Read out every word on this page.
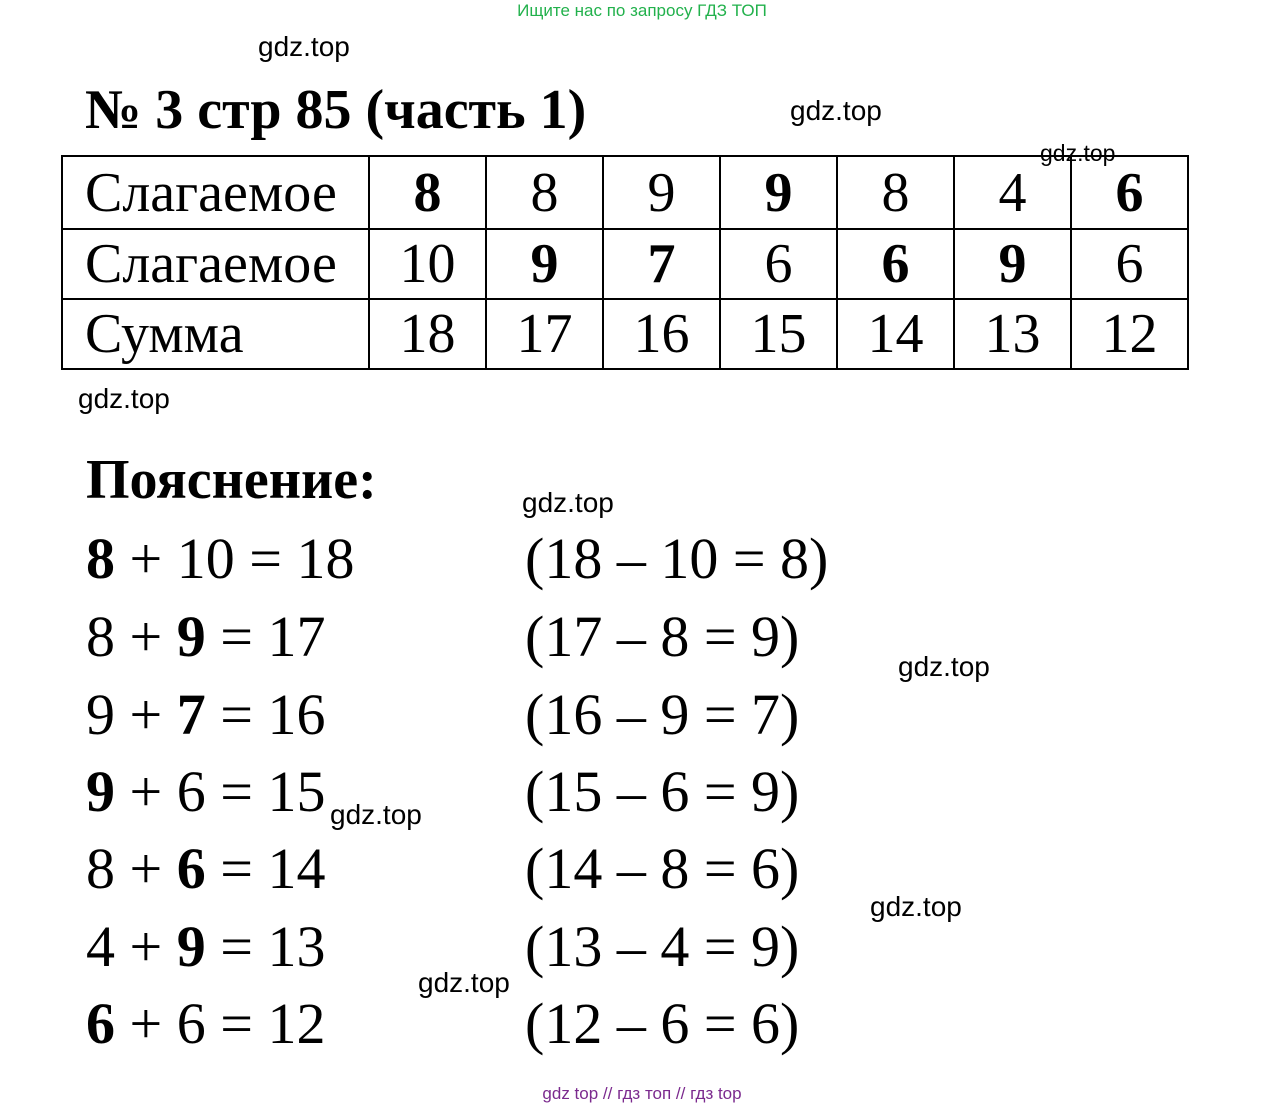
Ищите нас по запросу ГДЗ ТОП
gdz.top
gdz.top
gdz.top
gdz.top
gdz.top
gdz.top
gdz.top
gdz.top
gdz.top
№ 3 стр 85 (часть 1)
Слагаемое	8	8	9	9	8	4	6
Слагаемое	10	9	7	6	6	9	6
Сумма	18	17	16	15	14	13	12
Пояснение:
8 + 10 = 18	(18 – 10 = 8)
8 + 9 = 17	(17 – 8 = 9)
9 + 7 = 16	(16 – 9 = 7)
9 + 6 = 15	(15 – 6 = 9)
8 + 6 = 14	(14 – 8 = 6)
4 + 9 = 13	(13 – 4 = 9)
6 + 6 = 12	(12 – 6 = 6)
gdz top // гдз топ // гдз top
